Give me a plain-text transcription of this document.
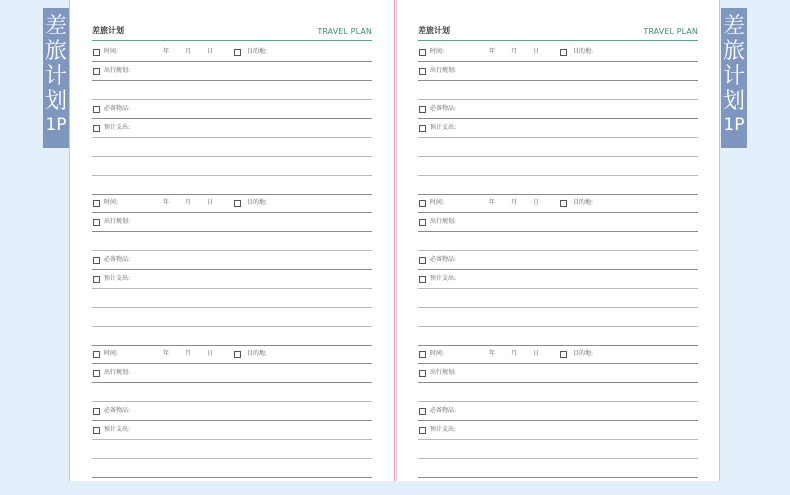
差
旅
计
划
1P
差
旅
计
划
1P
差旅计划	TRAVEL PLAN
时间:	年	月	日	目的地:
出行规划:
必备物品:
预计支出:
时间:	年	月	日	目的地:
出行规划:
必备物品:
预计支出:
时间:	年	月	日	目的地:
出行规划:
必备物品:
预计支出:
差旅计划	TRAVEL PLAN
时间:	年	月	日	目的地:
出行规划:
必备物品:
预计支出:
时间:	年	月	日	目的地:
出行规划:
必备物品:
预计支出:
时间:	年	月	日	目的地:
出行规划:
必备物品:
预计支出:
